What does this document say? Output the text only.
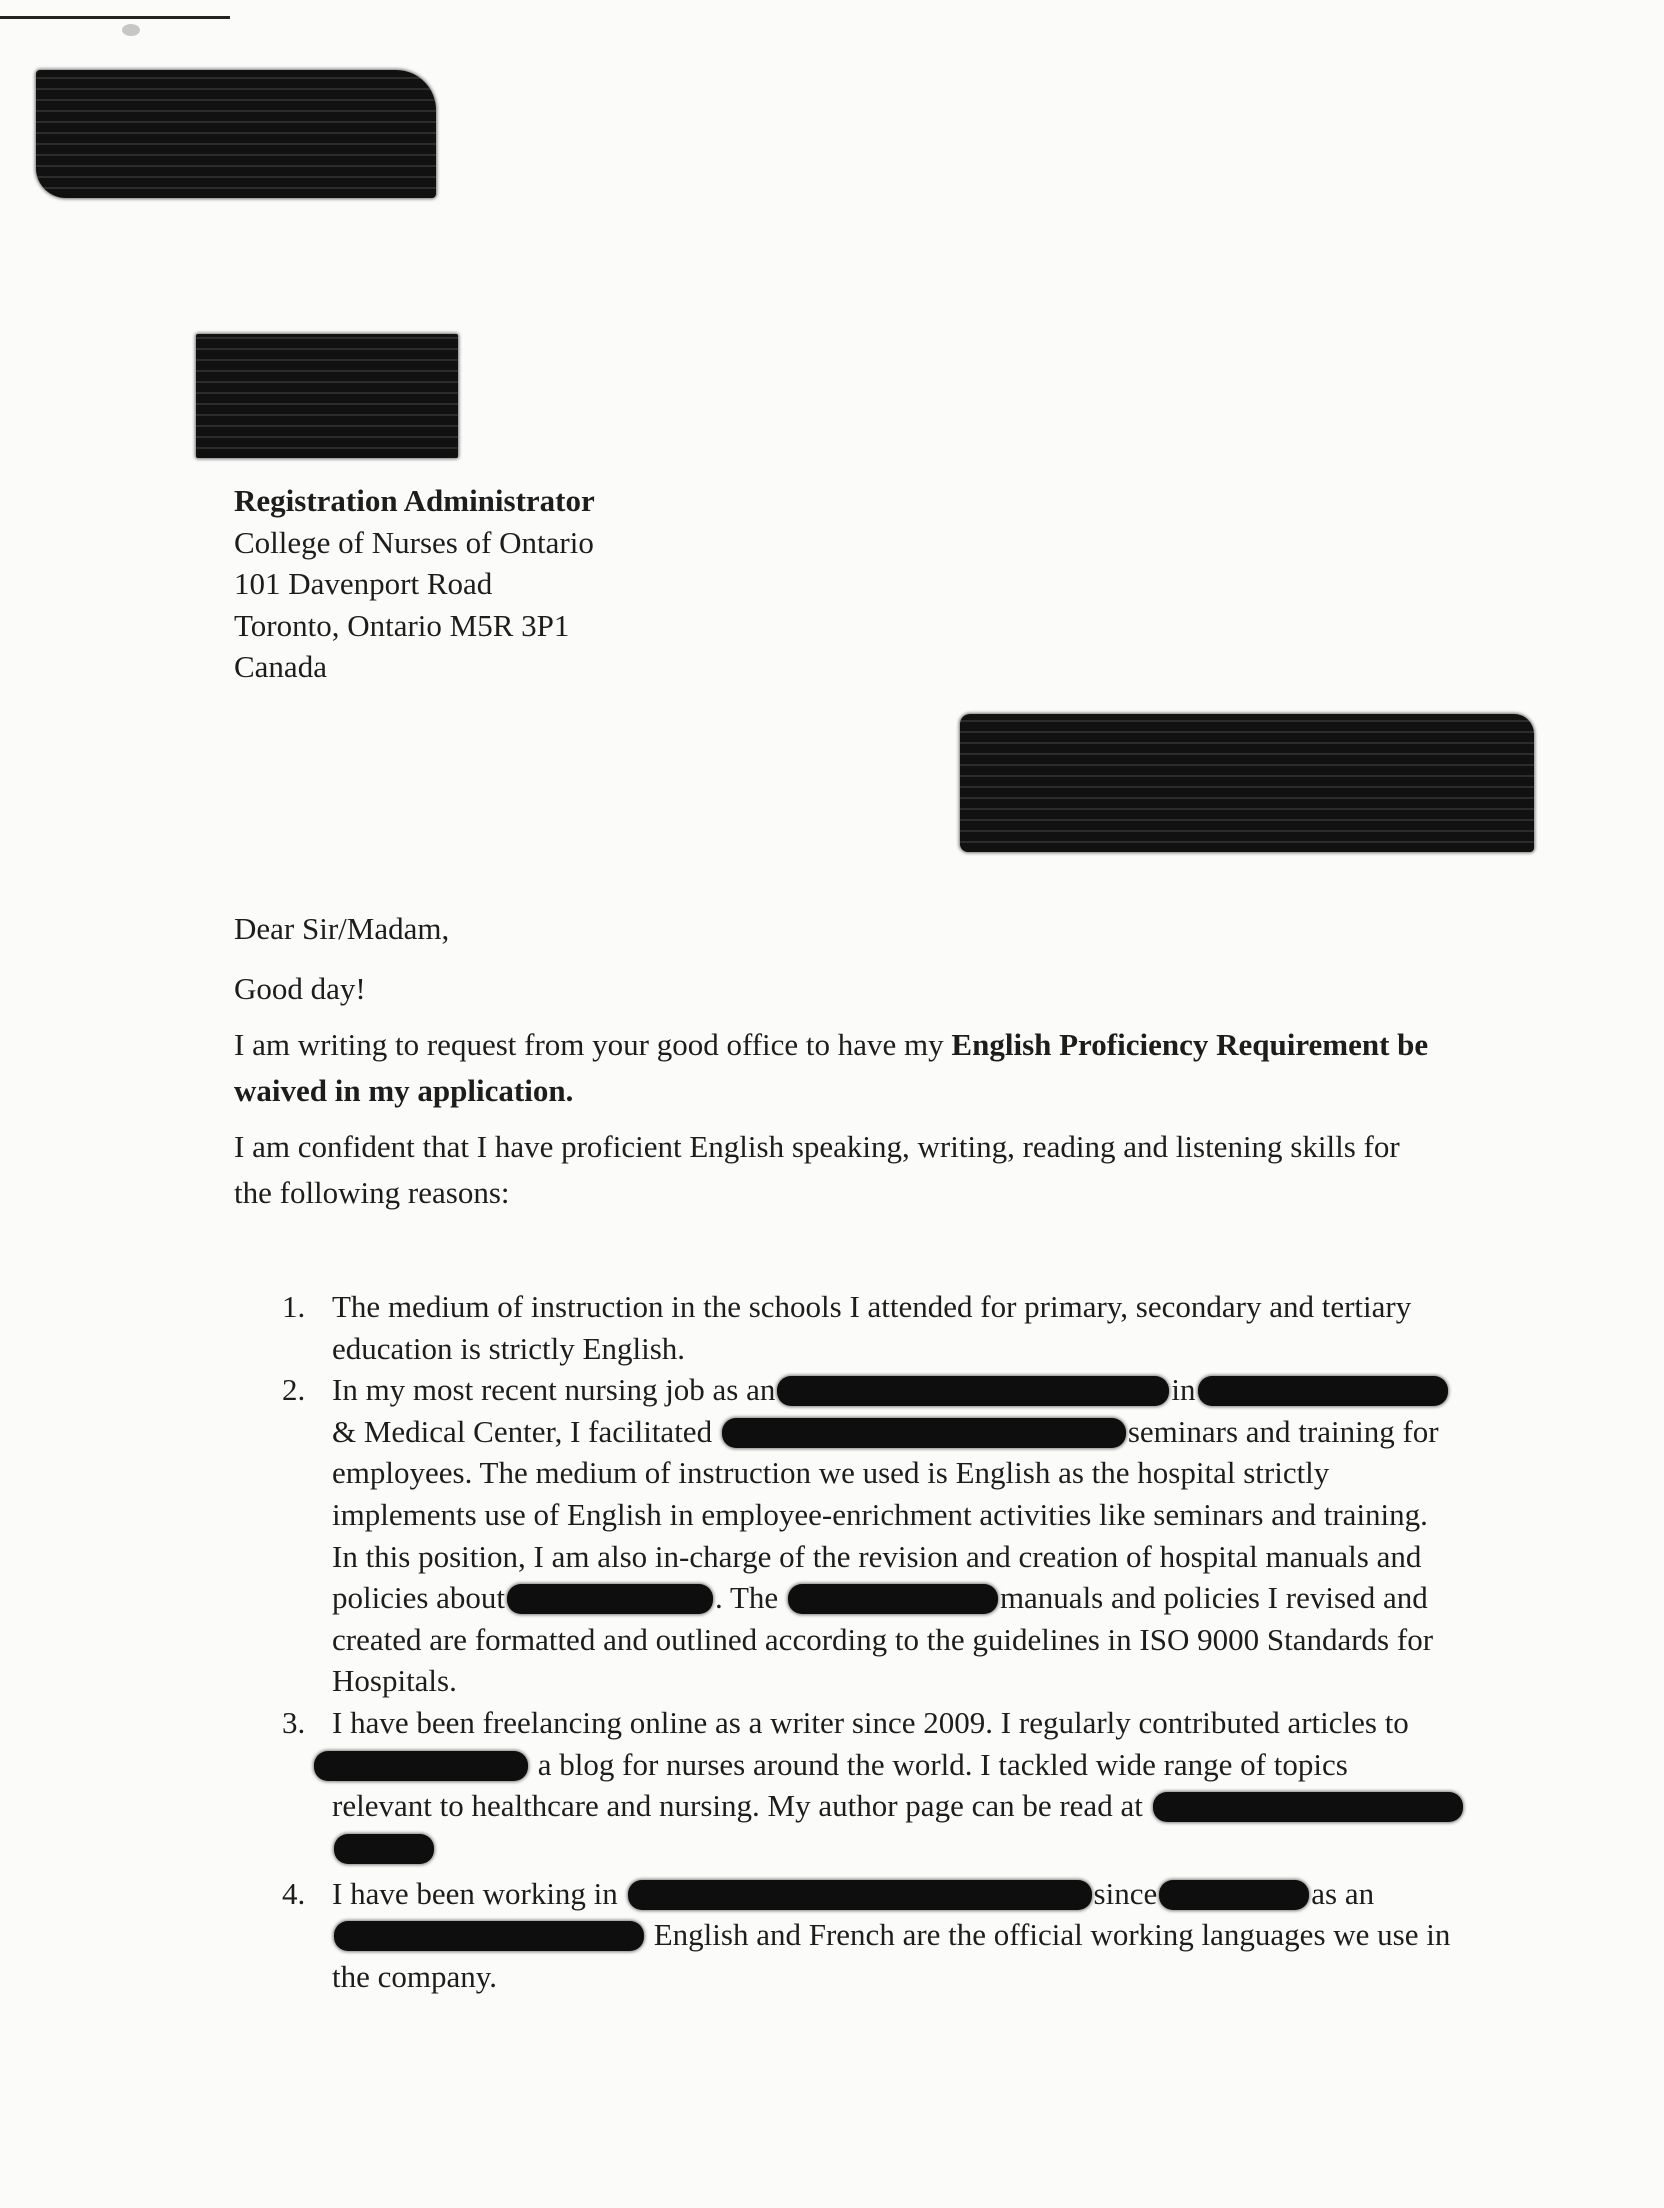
Registration Administrator
College of Nurses of Ontario
101 Davenport Road
Toronto, Ontario M5R 3P1
Canada
Dear Sir/Madam,
Good day!
I am writing to request from your good office to have my English Proficiency Requirement be
waived in my application.
I am confident that I have proficient English speaking, writing, reading and listening skills for
the following reasons:
1. The medium of instruction in the schools I attended for primary, secondary and tertiary
education is strictly English.
2. In my most recent nursing job as an	in
& Medical Center, I facilitated	seminars and training for
employees. The medium of instruction we used is English as the hospital strictly
implements use of English in employee-enrichment activities like seminars and training.
In this position, I am also in-charge of the revision and creation of hospital manuals and
policies about	. The	manuals and policies I revised and
created are formatted and outlined according to the guidelines in ISO 9000 Standards for
Hospitals.
3. I have been freelancing online as a writer since 2009. I regularly contributed articles to
a blog for nurses around the world. I tackled wide range of topics
relevant to healthcare and nursing. My author page can be read at
4. I have been working in	since	as an
English and French are the official working languages we use in
the company.
